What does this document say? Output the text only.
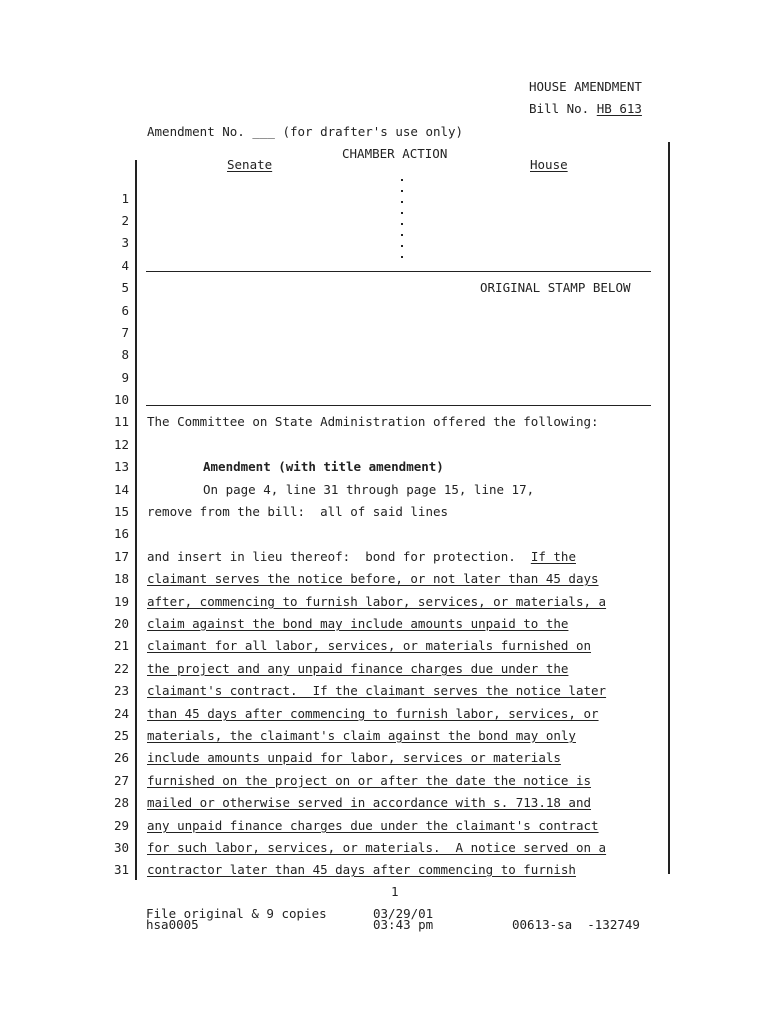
HOUSE AMENDMENT
Bill No. HB 613
Amendment No. ___ (for drafter's use only)
CHAMBER ACTION
Senate	House
ORIGINAL STAMP BELOW
1
2
3
4
5
6
7
8
9
10
11
12
13
14
15
16
17
18
19
20
21
22
23
24
25
26
27
28
29
30
31
The Committee on State Administration offered the following:
Amendment (with title amendment)
On page 4, line 31 through page 15, line 17,
remove from the bill:  all of said lines
and insert in lieu thereof:  bond for protection.  If the
claimant serves the notice before, or not later than 45 days
after, commencing to furnish labor, services, or materials, a
claim against the bond may include amounts unpaid to the
claimant for all labor, services, or materials furnished on
the project and any unpaid finance charges due under the
claimant's contract.  If the claimant serves the notice later
than 45 days after commencing to furnish labor, services, or
materials, the claimant's claim against the bond may only
include amounts unpaid for labor, services or materials
furnished on the project on or after the date the notice is
mailed or otherwise served in accordance with s. 713.18 and
any unpaid finance charges due under the claimant's contract
for such labor, services, or materials.  A notice served on a
contractor later than 45 days after commencing to furnish
1
File original & 9 copies
hsa0005
03/29/01
03:43 pm	00613-sa  -132749
